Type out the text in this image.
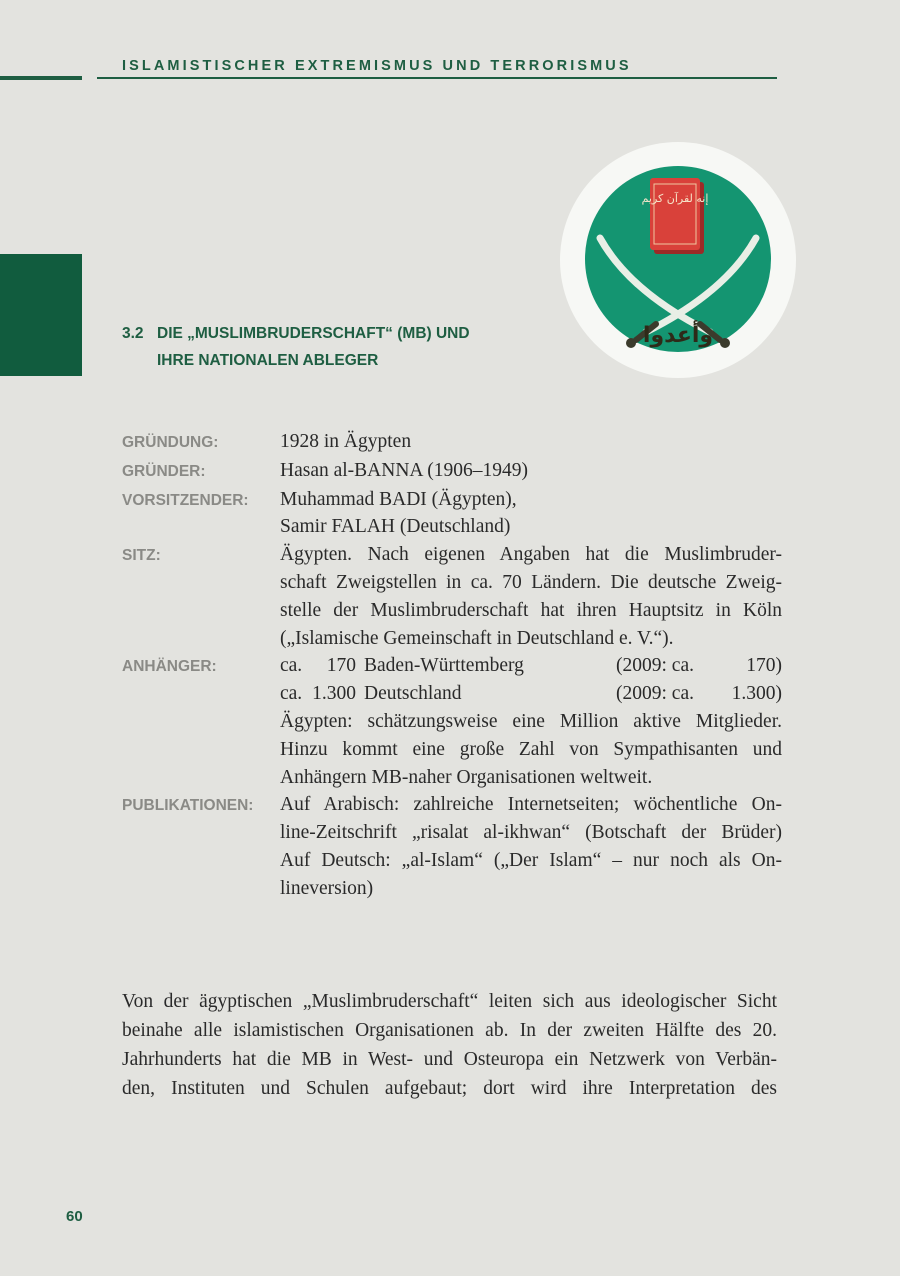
ISLAMISTISCHER EXTREMISMUS UND TERRORISMUS
إنه لقرآن كريم
وأعدوا
3.2 DIE „MUSLIMBRUDERSCHAFT“ (MB) UND
IHRE NATIONALEN ABLEGER
GRÜNDUNG:	1928 in Ägypten
GRÜNDER:	Hasan al-BANNA (1906–1949)
VORSITZENDER:	Muhammad BADI (Ägypten),
Samir FALAH (Deutschland)
SITZ:	Ägypten. Nach eigenen Angaben hat die Muslimbruder-
schaft Zweigstellen in ca. 70 Ländern. Die deutsche Zweig-
stelle der Muslimbruderschaft hat ihren Hauptsitz in Köln
(„Islamische Gemeinschaft in Deutschland e. V.“).
ANHÄNGER:	ca.	170 Baden-Württemberg	(2009: ca.	170)
ca. 1.300 Deutschland	(2009: ca. 1.300)
Ägypten: schätzungsweise eine Million aktive Mitglieder.
Hinzu kommt eine große Zahl von Sympathisanten und
Anhängern MB-naher Organisationen weltweit.
PUBLIKATIONEN:	Auf Arabisch: zahlreiche Internetseiten; wöchentliche On-
line-Zeitschrift „risalat al-ikhwan“ (Botschaft der Brüder)
Auf Deutsch: „al-Islam“ („Der Islam“ – nur noch als On-
lineversion)
Von der ägyptischen „Muslimbruderschaft“ leiten sich aus ideologischer Sicht
beinahe alle islamistischen Organisationen ab. In der zweiten Hälfte des 20.
Jahrhunderts hat die MB in West- und Osteuropa ein Netzwerk von Verbän-
den, Instituten und Schulen aufgebaut; dort wird ihre Interpretation des
60
